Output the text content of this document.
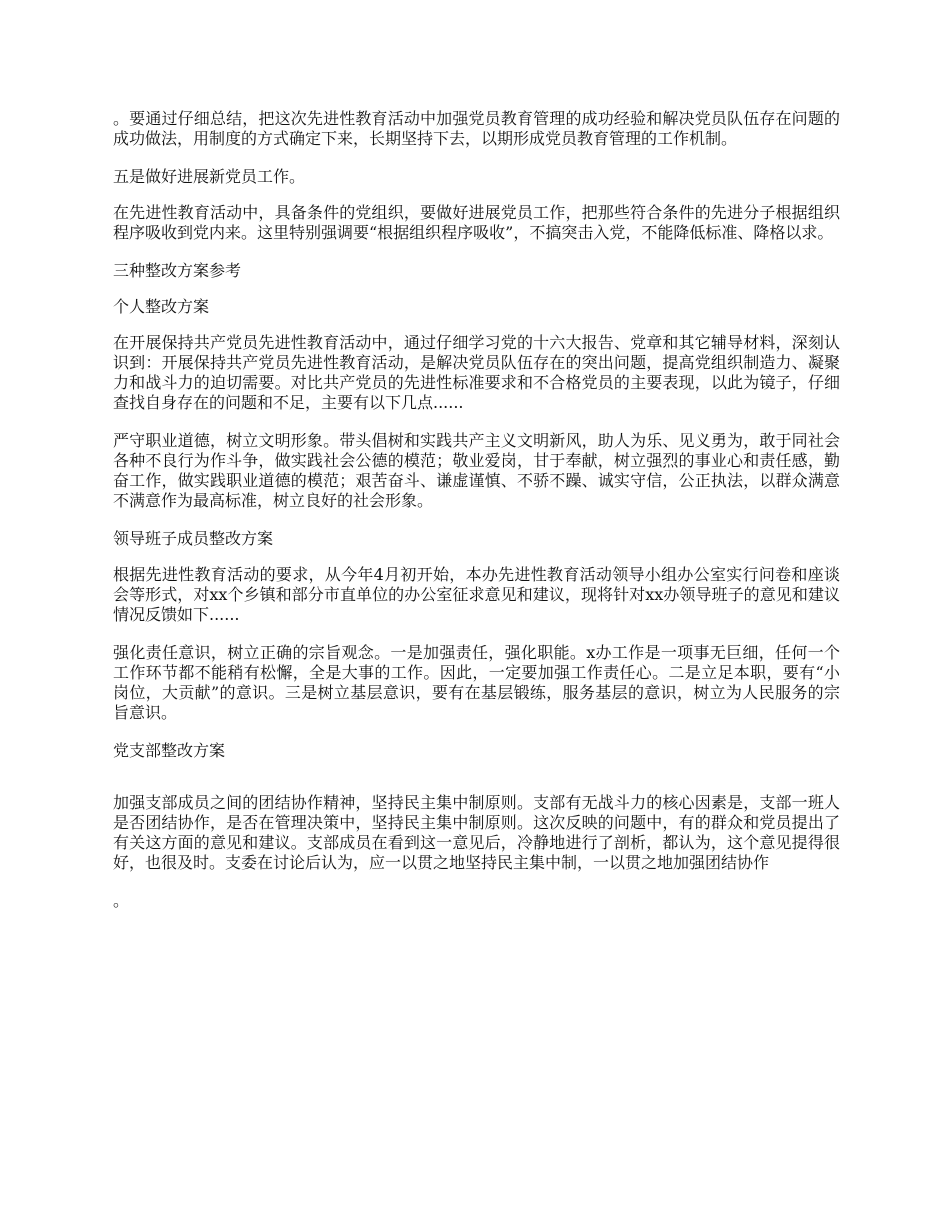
。要通过仔细总结，把这次先进性教育活动中加强党员教育管理的成功经验和解决党员队伍存在问题的成功做法，用制度的方式确定下来，长期坚持下去，以期形成党员教育管理的工作机制。

五是做好进展新党员工作。

在先进性教育活动中，具备条件的党组织，要做好进展党员工作，把那些符合条件的先进分子根据组织程序吸收到党内来。这里特别强调要“根据组织程序吸收”，不搞突击入党，不能降低标准、降格以求。

三种整改方案参考

个人整改方案

在开展保持共产党员先进性教育活动中，通过仔细学习党的十六大报告、党章和其它辅导材料，深刻认识到：开展保持共产党员先进性教育活动，是解决党员队伍存在的突出问题，提高党组织制造力、凝聚力和战斗力的迫切需要。对比共产党员的先进性标准要求和不合格党员的主要表现，以此为镜子，仔细查找自身存在的问题和不足，主要有以下几点......

严守职业道德，树立文明形象。带头倡树和实践共产主义文明新风，助人为乐、见义勇为，敢于同社会各种不良行为作斗争，做实践社会公德的模范；敬业爱岗，甘于奉献，树立强烈的事业心和责任感，勤奋工作，做实践职业道德的模范；艰苦奋斗、谦虚谨慎、不骄不躁、诚实守信，公正执法，以群众满意不满意作为最高标准，树立良好的社会形象。

领导班子成员整改方案

根据先进性教育活动的要求，从今年4月初开始，本办先进性教育活动领导小组办公室实行问卷和座谈会等形式，对xx个乡镇和部分市直单位的办公室征求意见和建议，现将针对xx办领导班子的意见和建议情况反馈如下......

强化责任意识，树立正确的宗旨观念。一是加强责任，强化职能。x办工作是一项事无巨细，任何一个工作环节都不能稍有松懈，全是大事的工作。因此，一定要加强工作责任心。二是立足本职，要有“小岗位，大贡献”的意识。三是树立基层意识，要有在基层锻练，服务基层的意识，树立为人民服务的宗旨意识。

党支部整改方案

加强支部成员之间的团结协作精神，坚持民主集中制原则。支部有无战斗力的核心因素是，支部一班人是否团结协作，是否在管理决策中，坚持民主集中制原则。这次反映的问题中，有的群众和党员提出了有关这方面的意见和建议。支部成员在看到这一意见后，冷静地进行了剖析，都认为，这个意见提得很好，也很及时。支委在讨论后认为，应一以贯之地坚持民主集中制，一以贯之地加强团结协作

。
